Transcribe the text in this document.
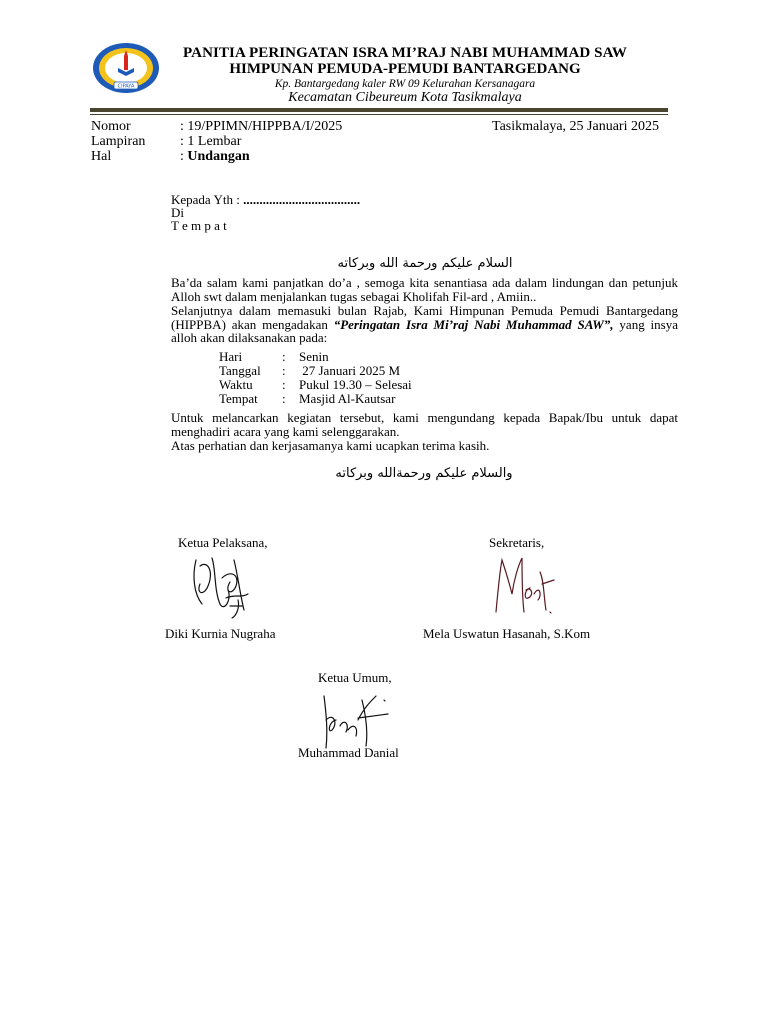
CIPAYA
PANITIA PERINGATAN ISRA MI’RAJ NABI MUHAMMAD SAW
HIMPUNAN PEMUDA-PEMUDI BANTARGEDANG
Kp. Bantargedang kaler RW 09 Kelurahan Kersanagara
Kecamatan Cibeureum Kota Tasikmalaya
Nomor	: 19/PPIMN/HIPPBA/I/2025	Tasikmalaya, 25 Januari 2025
Lampiran : 1 Lembar
Hal	: Undangan
Kepada Yth : ....................................
Di
T e m p a t
السلام عليكم ورحمة الله وبركاته
Ba’da salam kami panjatkan do’a , semoga kita senantiasa ada dalam lindungan dan petunjuk Alloh swt dalam menjalankan tugas sebagai Kholifah Fil-ard , Amiin..
Selanjutnya dalam memasuki bulan Rajab, Kami Himpunan Pemuda Pemudi Bantargedang (HIPPBA) akan mengadakan “Peringatan Isra Mi’raj Nabi Muhammad SAW”, yang insya alloh akan dilaksanakan pada:
Hari	: Senin
Tanggal : 27 Januari 2025 M
Waktu : Pukul 19.30 – Selesai
Tempat : Masjid Al-Kautsar
Untuk melancarkan kegiatan tersebut, kami mengundang kepada Bapak/Ibu untuk dapat menghadiri acara yang kami selenggarakan.
Atas perhatian dan kerjasamanya kami ucapkan terima kasih.
والسلام عليكم ورحمةالله وبركاته
Ketua Pelaksana,	Sekretaris,
Diki Kurnia Nugraha	Mela Uswatun Hasanah, S.Kom
Ketua Umum,
Muhammad Danial
